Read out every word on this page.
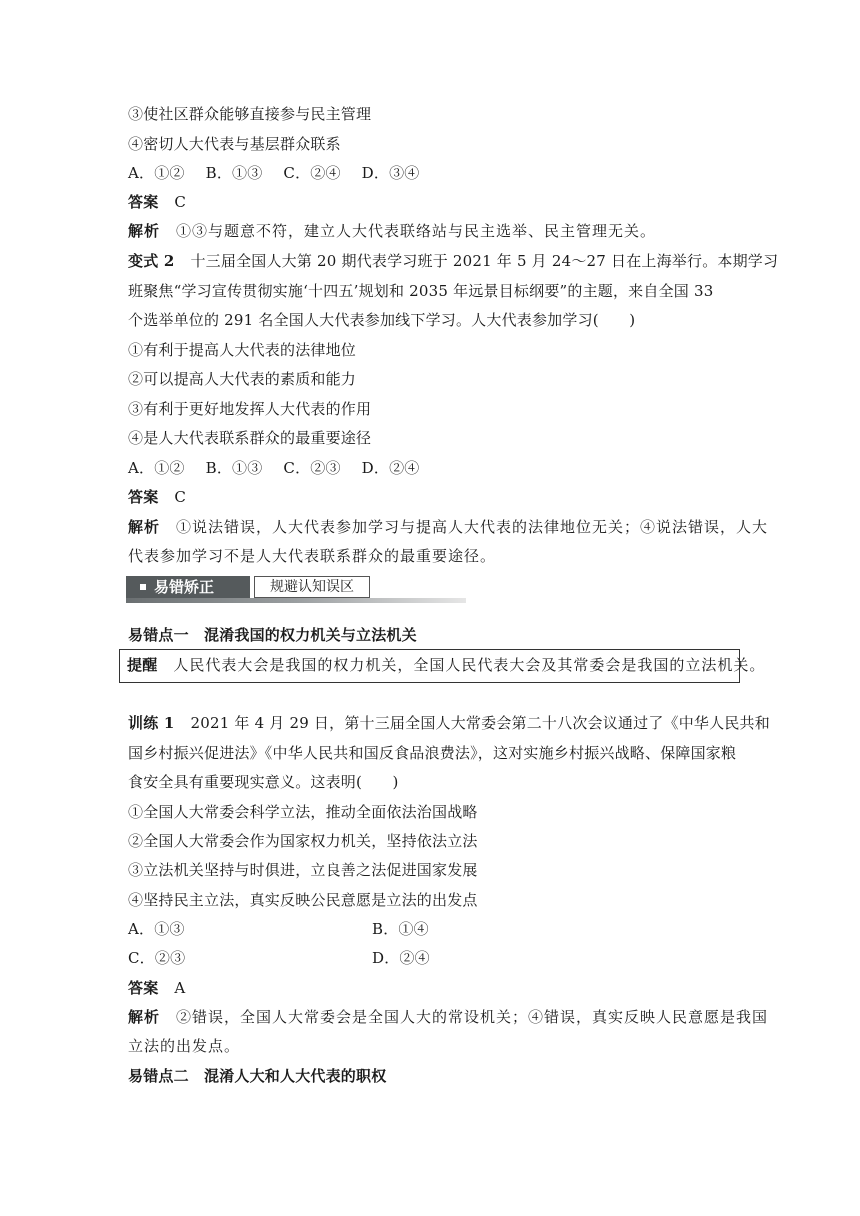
③使社区群众能够直接参与民主管理
④密切人大代表与基层群众联系
A．①② B．①③ C．②④ D．③④
答案 C
解析 ①③与题意不符，建立人大代表联络站与民主选举、民主管理无关。
变式 2 十三届全国人大第 20 期代表学习班于 2021 年 5 月 24～27 日在上海举行。本期学习
班聚焦“学习宣传贯彻实施‘十四五’规划和 2035 年远景目标纲要”的主题，来自全国 33
个选举单位的 291 名全国人大代表参加线下学习。人大代表参加学习(　　)
①有利于提高人大代表的法律地位
②可以提高人大代表的素质和能力
③有利于更好地发挥人大代表的作用
④是人大代表联系群众的最重要途径
A．①② B．①③ C．②③ D．②④
答案 C
解析 ①说法错误，人大代表参加学习与提高人大代表的法律地位无关；④说法错误，人大
代表参加学习不是人大代表联系群众的最重要途径。
易错矫正	规避认知误区
易错点一　混淆我国的权力机关与立法机关
提醒 人民代表大会是我国的权力机关，全国人民代表大会及其常委会是我国的立法机关。
训练 1 2021 年 4 月 29 日，第十三届全国人大常委会第二十八次会议通过了《中华人民共和
国乡村振兴促进法》《中华人民共和国反食品浪费法》，这对实施乡村振兴战略、保障国家粮
食安全具有重要现实意义。这表明(　　)
①全国人大常委会科学立法，推动全面依法治国战略
②全国人大常委会作为国家权力机关，坚持依法立法
③立法机关坚持与时俱进，立良善之法促进国家发展
④坚持民主立法，真实反映公民意愿是立法的出发点
A．①③	B．①④
C．②③	D．②④
答案 A
解析 ②错误，全国人大常委会是全国人大的常设机关；④错误，真实反映人民意愿是我国
立法的出发点。
易错点二　混淆人大和人大代表的职权
